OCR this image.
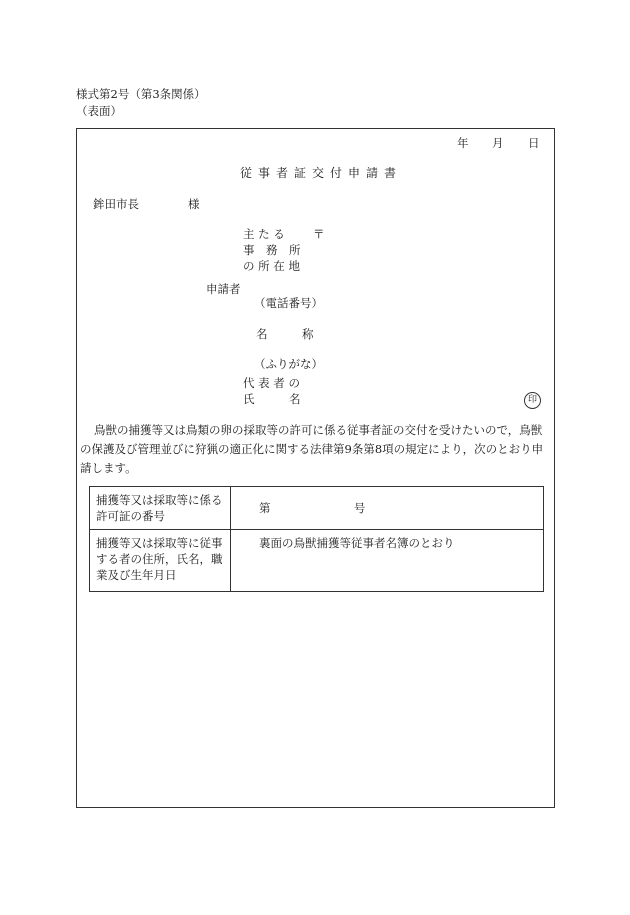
様式第2号（第3条関係）
（表面）
年 月 日
従事者証交付申請書
鉾田市長	様
主 た る 〒
事　務　所
の 所 在 地
申請者
（電話番号）
名　　　称
（ふりがな）
代 表 者 の
氏　　　名	印
鳥獣の捕獲等又は鳥類の卵の採取等の許可に係る従事者証の交付を受けたいので，鳥獣の保護及び管理並びに狩猟の適正化に関する法律第9条第8項の規定により，次のとおり申請します。
捕獲等又は採取等に係る許可証の番号	第 号
捕獲等又は採取等に従事する者の住所，氏名，職業及び生年月日	裏面の鳥獣捕獲等従事者名簿のとおり
